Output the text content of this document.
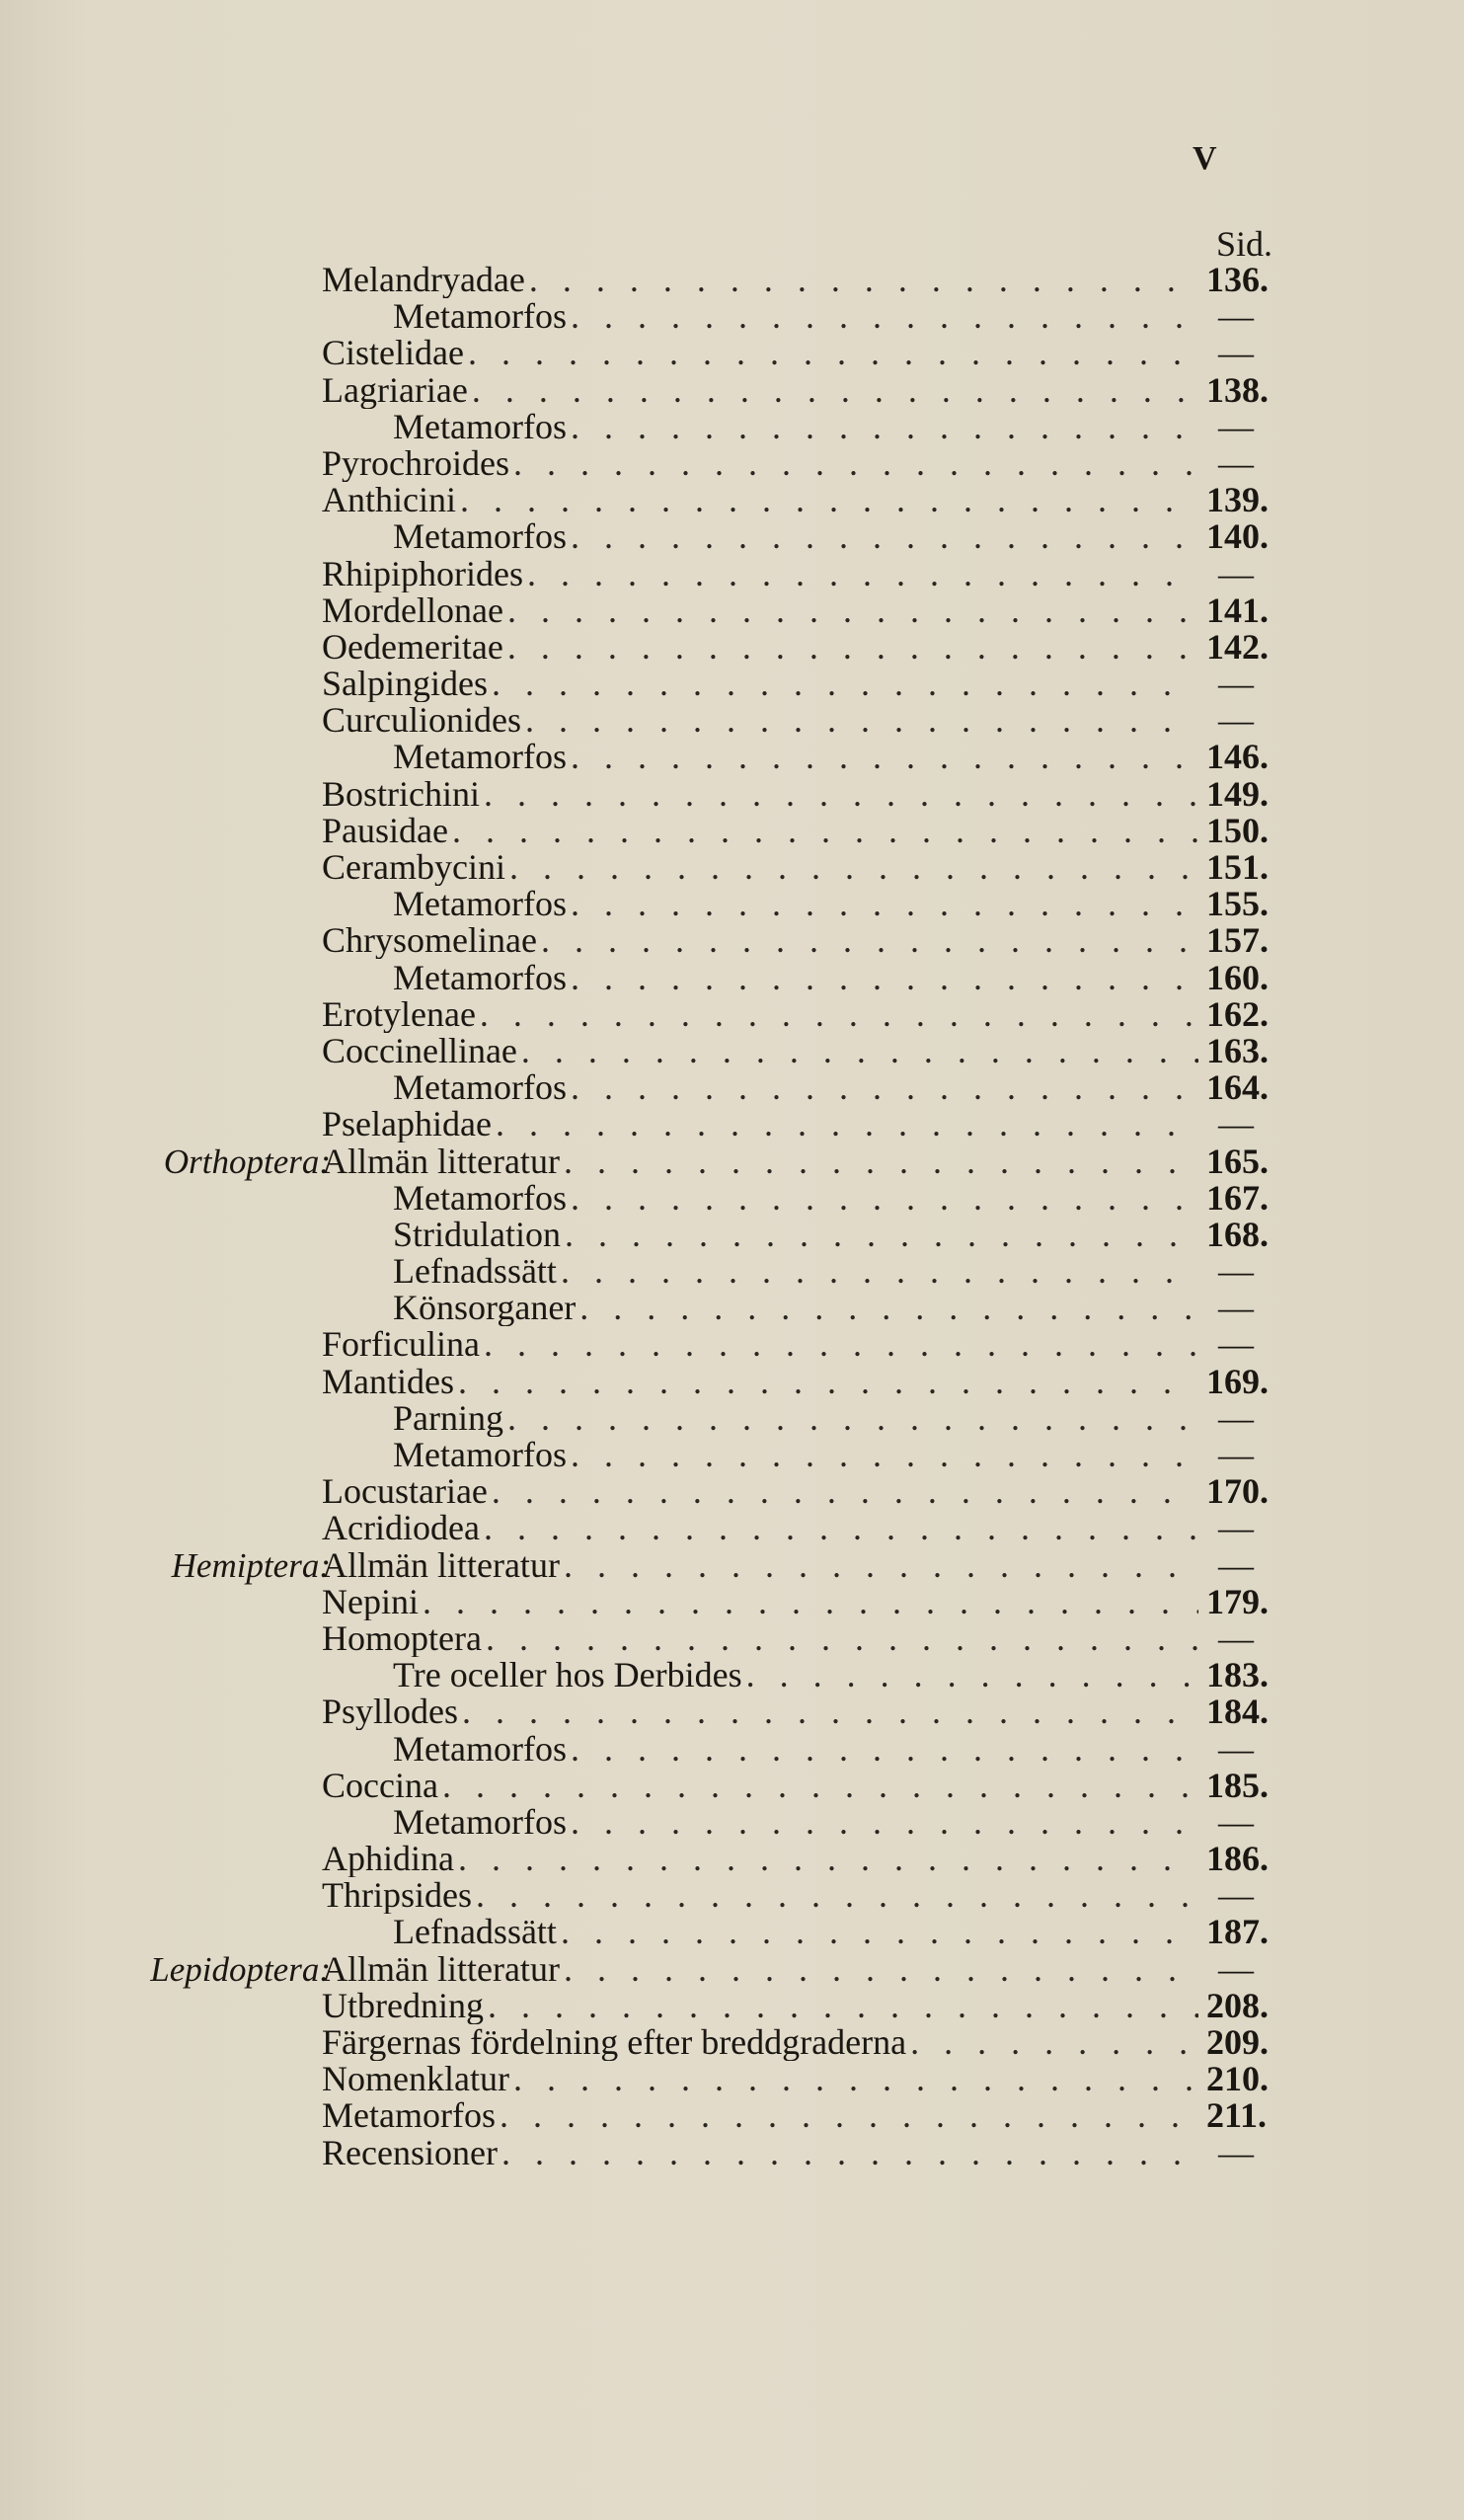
V
Sid.
Melandryadae . . .	136.
Metamorfos . . .	—
Cistelidae . . .	—
Lagriariae . . .	138.
Metamorfos . . .	—
Pyrochroides . . .	—
Anthicini . . .	139.
Metamorfos . . .	140.
Rhipiphorides . . .	—
Mordellonae . . .	141.
Oedemeritae . . .	142.
Salpingides . . .	—
Curculionides . . .	—
Metamorfos . . .	146.
Bostrichini . . .	149.
Pausidae . . .	150.
Cerambycini . . .	151.
Metamorfos . . .	155.
Chrysomelinae . . .	157.
Metamorfos . . .	160.
Erotylenae . . .	162.
Coccinellinae . . .	163.
Metamorfos . . .	164.
Pselaphidae . . .	—
Orthoptera:
Allmän litteratur . . .	165.
Metamorfos . . .	167.
Stridulation . . .	168.
Lefnadssätt . . .	—
Könsorganer . . .	—
Forficulina . . .	—
Mantides . . .	169.
Parning . . .	—
Metamorfos . . .	—
Locustariae . . .	170.
Acridiodea . . .	—
Hemiptera:
Allmän litteratur . . .	—
Nepini . . .	179.
Homoptera . . .	—
Tre oceller hos Derbides . . .	183.
Psyllodes . . .	184.
Metamorfos . . .	—
Coccina . . .	185.
Metamorfos . . .	—
Aphidina . . .	186.
Thripsides . . .	—
Lefnadssätt . . .	187.
Lepidoptera:
Allmän litteratur . . .	—
Utbredning . . .	208.
Färgernas fördelning efter breddgraderna . . .	209.
Nomenklatur . . .	210.
Metamorfos . . .	211.
Recensioner . . .	—
